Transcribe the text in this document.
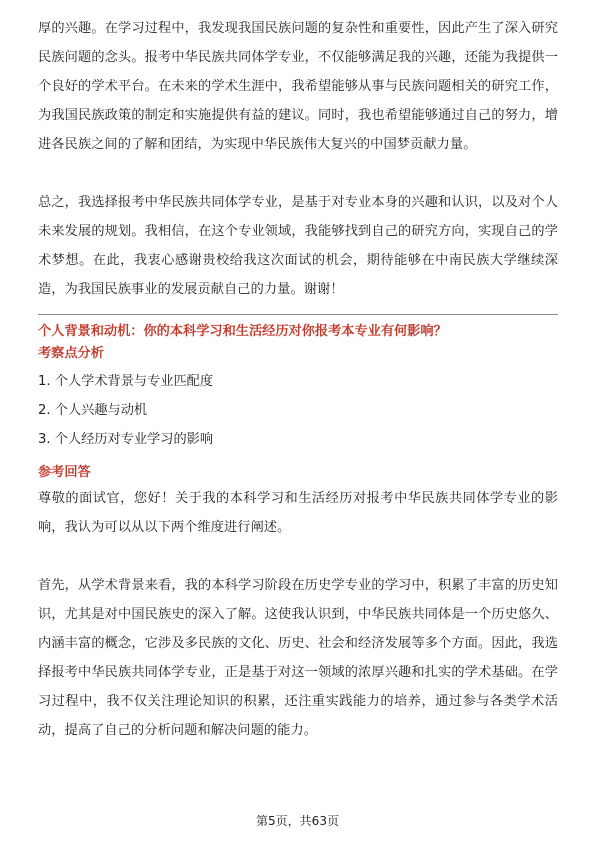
厚的兴趣。在学习过程中，我发现我国民族问题的复杂性和重要性，因此产生了深入研究民族问题的念头。报考中华民族共同体学专业，不仅能够满足我的兴趣，还能为我提供一个良好的学术平台。在未来的学术生涯中，我希望能够从事与民族问题相关的研究工作，为我国民族政策的制定和实施提供有益的建议。同时，我也希望能够通过自己的努力，增进各民族之间的了解和团结，为实现中华民族伟大复兴的中国梦贡献力量。

总之，我选择报考中华民族共同体学专业，是基于对专业本身的兴趣和认识，以及对个人未来发展的规划。我相信，在这个专业领域，我能够找到自己的研究方向，实现自己的学术梦想。在此，我衷心感谢贵校给我这次面试的机会，期待能够在中南民族大学继续深造，为我国民族事业的发展贡献自己的力量。谢谢！

个人背景和动机：你的本科学习和生活经历对你报考本专业有何影响？

考察点分析

1. 个人学术背景与专业匹配度
2. 个人兴趣与动机
3. 个人经历对专业学习的影响

参考回答

尊敬的面试官，您好！关于我的本科学习和生活经历对报考中华民族共同体学专业的影响，我认为可以从以下两个维度进行阐述。

首先，从学术背景来看，我的本科学习阶段在历史学专业的学习中，积累了丰富的历史知识，尤其是对中国民族史的深入了解。这使我认识到，中华民族共同体是一个历史悠久、内涵丰富的概念，它涉及多民族的文化、历史、社会和经济发展等多个方面。因此，我选择报考中华民族共同体学专业，正是基于对这一领域的浓厚兴趣和扎实的学术基础。在学习过程中，我不仅关注理论知识的积累，还注重实践能力的培养，通过参与各类学术活动，提高了自己的分析问题和解决问题的能力。

第5页，共63页
